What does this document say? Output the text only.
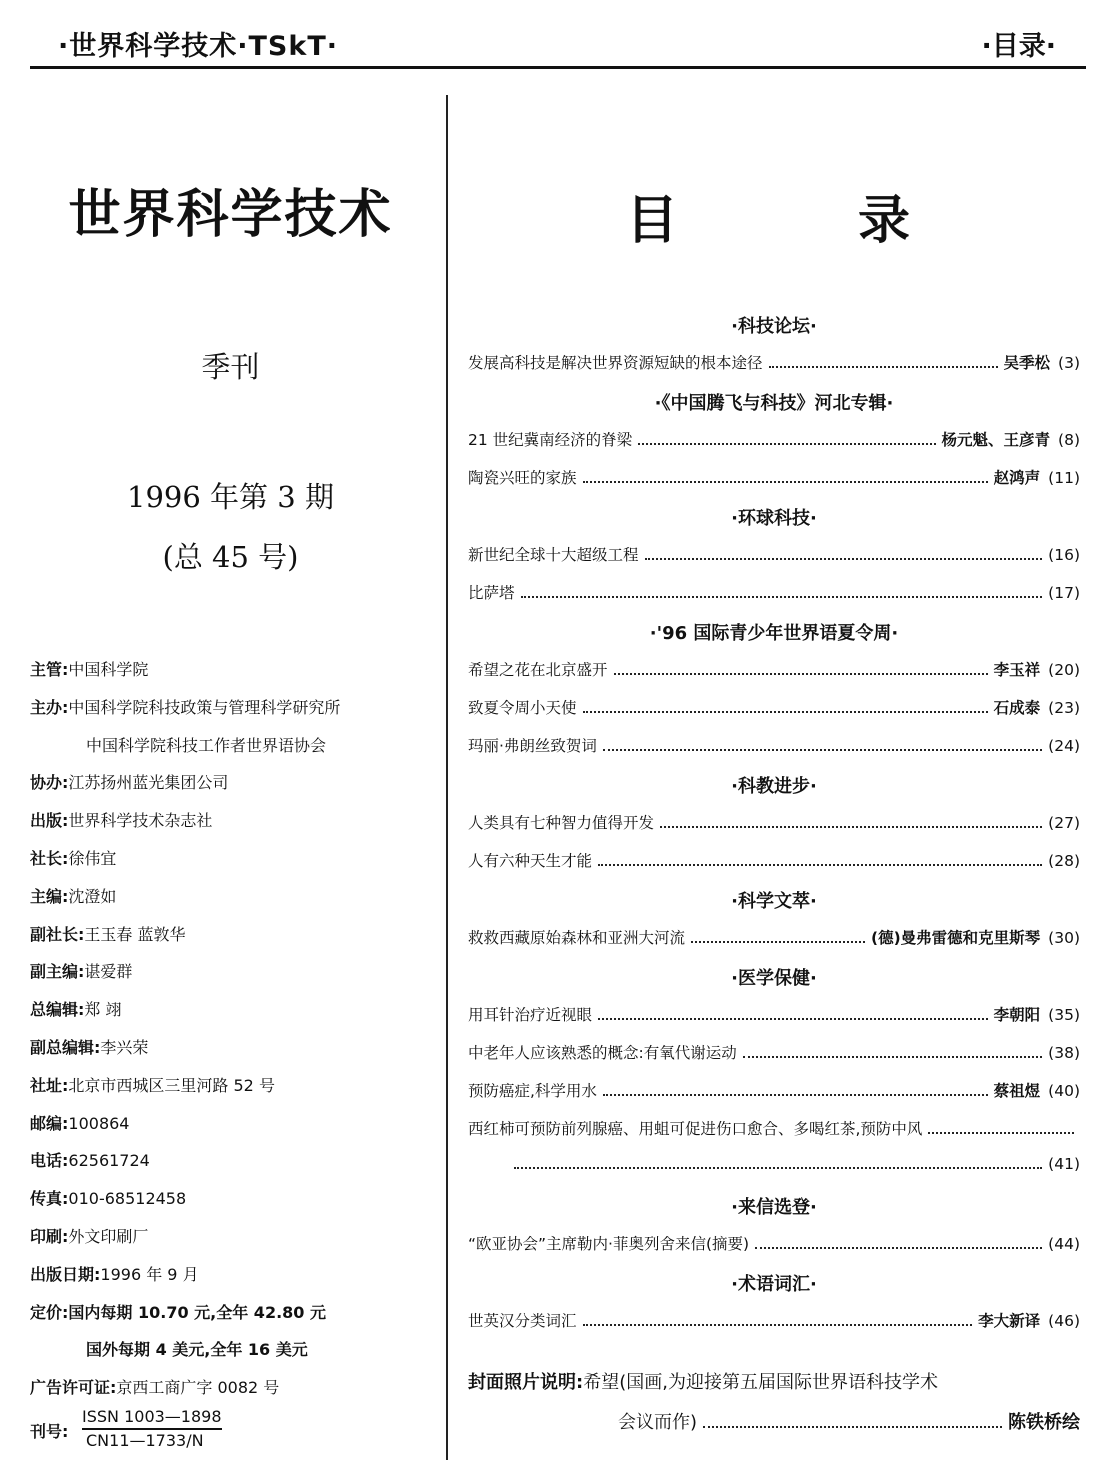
·世界科学技术·TSkT·	·目录·
世界科学技术
季刊
1996 年第 3 期
(总 45 号)
主管:中国科学院
主办:中国科学院科技政策与管理科学研究所
中国科学院科技工作者世界语协会
协办:江苏扬州蓝光集团公司
出版:世界科学技术杂志社
社长:徐伟宜
主编:沈澄如
副社长:王玉春 蓝敦华
副主编:谌爱群
总编辑:郑 翊
副总编辑:李兴荣
社址:北京市西城区三里河路 52 号
邮编:100864
电话:62561724
传真:010-68512458
印刷:外文印刷厂
出版日期:1996 年 9 月
定价:国内每期 10.70 元,全年 42.80 元
国外每期 4 美元,全年 16 美元
广告许可证:京西工商广字 0082 号
刊号:
ISSN 1003—1898
CN11—1733/N
目	录
·科技论坛·
发展高科技是解决世界资源短缺的根本途径	吴季松 (3)
·《中国腾飞与科技》河北专辑·
21 世纪冀南经济的脊梁	杨元魁、王彦青 (8)
陶瓷兴旺的家族	赵鸿声 (11)
·环球科技·
新世纪全球十大超级工程	(16)
比萨塔	(17)
·'96 国际青少年世界语夏令周·
希望之花在北京盛开	李玉祥 (20)
致夏令周小天使	石成泰 (23)
玛丽·弗朗丝致贺词	(24)
·科教进步·
人类具有七种智力值得开发	(27)
人有六种天生才能	(28)
·科学文萃·
救救西藏原始森林和亚洲大河流	(德)曼弗雷德和克里斯琴 (30)
·医学保健·
用耳针治疗近视眼	李朝阳 (35)
中老年人应该熟悉的概念:有氧代谢运动	(38)
预防癌症,科学用水	蔡祖煜 (40)
西红柿可预防前列腺癌、用蛆可促进伤口愈合、多喝红茶,预防中风
(41)
·来信选登·
“欧亚协会”主席勒内·菲奥列舍来信(摘要)	(44)
·术语词汇·
世英汉分类词汇	李大新译 (46)
封面照片说明:希望(国画,为迎接第五届国际世界语科技学术
会议而作)	陈铁桥绘
